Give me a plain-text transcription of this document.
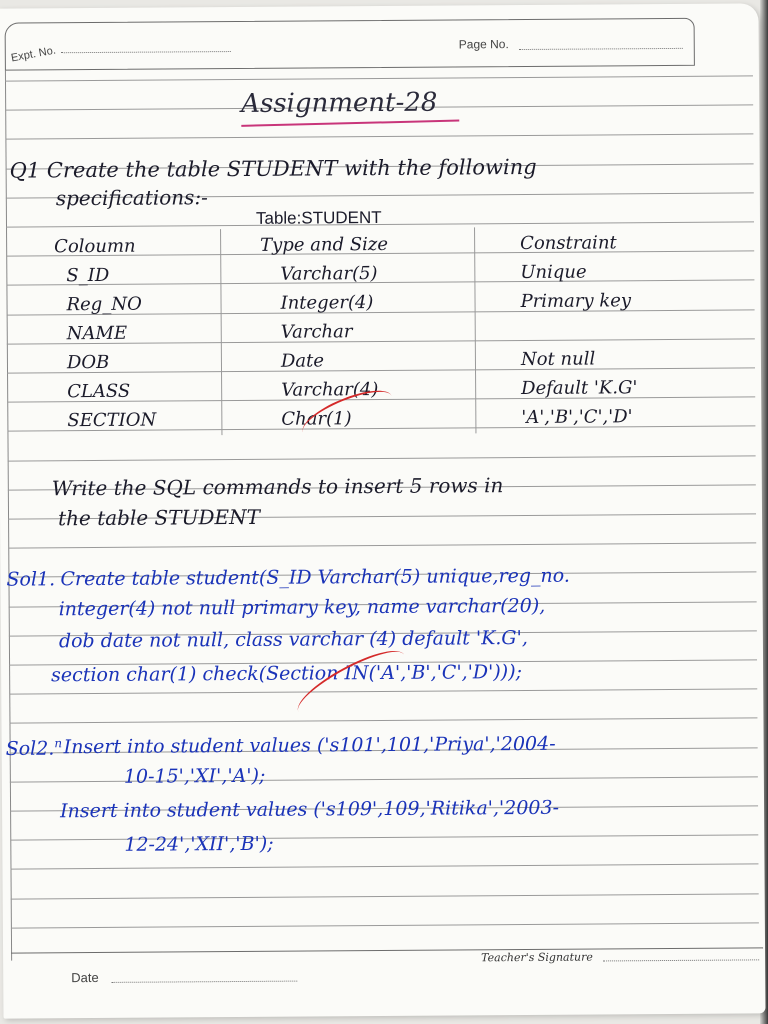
Expt. No.
Page No.
Assignment-28
Q1 Create the table STUDENT with the following
specifications:-
Table:STUDENT
Coloumn	Type and Size	Constraint
S_ID	Varchar(5)	Unique
Reg_NO	Integer(4)	Primary key
NAME	Varchar
DOB	Date	Not null
CLASS	Varchar(4)	Default 'K.G'
SECTION	Char(1)	'A','B','C','D'
Write the SQL commands to insert 5 rows in
the table STUDENT
Sol1. Create table student(S_ID Varchar(5) unique,reg_no.
integer(4) not null primary key, name varchar(20),
dob date not null, class varchar (4) default 'K.G',
section char(1) check(Section IN('A','B','C','D')));
Sol2.$^n$ Insert into student values ('s101',101,'Priya','2004-
10-15','XI','A');
Insert into student values ('s109',109,'Ritika','2003-
12-24','XII','B');
Date
Teacher's Signature
